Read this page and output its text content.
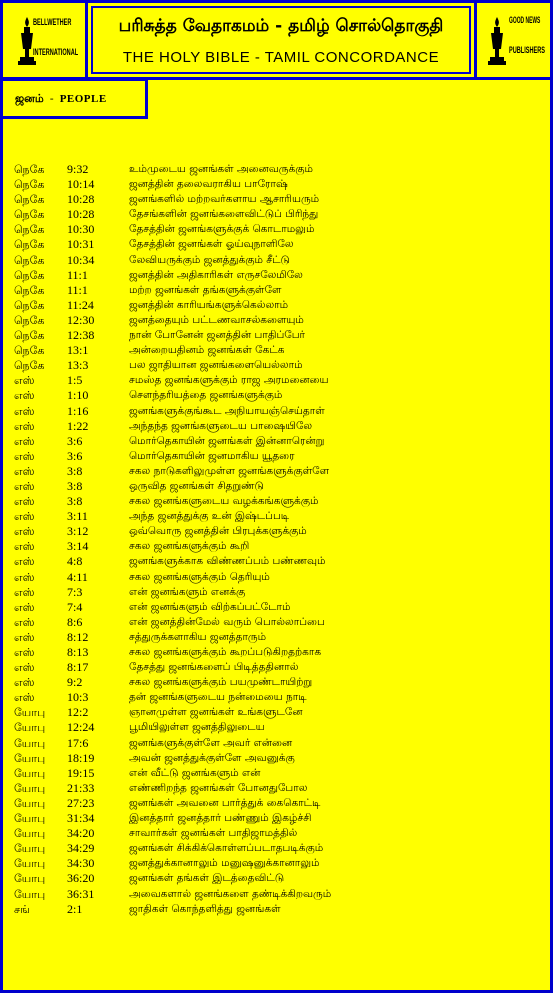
BELLWETHER
INTERNATIONAL
பரிசுத்த வேதாகமம் - தமிழ் சொல்தொகுதி
THE HOLY BIBLE - TAMIL CONCORDANCE
GOOD NEWS
PUBLISHERS
ஜனம் - PEOPLE
நெகே 9:32	உம்முடைய ஜனங்கள் அனைவருக்கும்
நெகே 10:14	ஜனத்தின் தலைவராகிய பாரோஷ்
நெகே 10:28	ஜனங்களில் மற்றவர்களாய ஆசாரியரும்
நெகே 10:28	தேசங்களின் ஜனங்களைவிட்டுப் பிரிந்து
நெகே 10:30	தேசத்தின் ஜனங்களுக்குக் கொடாமலும்
நெகே 10:31	தேசத்தின் ஜனங்கள் ஓய்வுநாளிலே
நெகே 10:34	லேவியருக்கும் ஜனத்துக்கும் சீட்டு
நெகே 11:1	ஜனத்தின் அதிகாரிகள் எருசலேமிலே
நெகே 11:1	மற்ற ஜனங்கள் தங்களுக்குள்ளே
நெகே 11:24	ஜனத்தின் காரியங்களுக்கெல்லாம்
நெகே 12:30	ஜனத்தையும் பட்டணவாசல்களையும்
நெகே 12:38	நான் போனேன் ஜனத்தின் பாதிப்பேர்
நெகே 13:1	அன்றையதினம் ஜனங்கள் கேட்க
நெகே 13:3	பல ஜாதியான ஜனங்களையெல்லாம்
எஸ்	1:5	சமஸ்த ஜனங்களுக்கும் ராஜ அரமனையை
எஸ்	1:10	சௌந்தரியத்தை ஜனங்களுக்கும்
எஸ்	1:16	ஜனங்களுக்குங்கூட அநியாயஞ்செய்தாள்
எஸ்	1:22	அந்தந்த ஜனங்களுடைய பாஷையிலே
எஸ்	3:6	மொர்தெகாயின் ஜனங்கள் இன்னாரென்று
எஸ்	3:6	மொர்தெகாயின் ஜனமாகிய யூதரை
எஸ்	3:8	சகல நாடுகளிலுமுள்ள ஜனங்களுக்குள்ளே
எஸ்	3:8	ஒருவித ஜனங்கள் சிதறுண்டு
எஸ்	3:8	சகல ஜனங்களுடைய வழக்கங்களுக்கும்
எஸ்	3:11	அந்த ஜனத்துக்கு உன் இஷ்டப்படி
எஸ்	3:12	ஒவ்வொரு ஜனத்தின் பிரபுக்களுக்கும்
எஸ்	3:14	சகல ஜனங்களுக்கும் கூறி
எஸ்	4:8	ஜனங்களுக்காக விண்ணப்பம் பண்ணவும்
எஸ்	4:11	சகல ஜனங்களுக்கும் தெரியும்
எஸ்	7:3	என் ஜனங்களும் எனக்கு
எஸ்	7:4	என் ஜனங்களும் விற்கப்பட்டோம்
எஸ்	8:6	என் ஜனத்தின்மேல் வரும் பொல்லாப்பை
எஸ்	8:12	சத்துருக்களாகிய ஜனத்தாரும்
எஸ்	8:13	சகல ஜனங்களுக்கும் கூறப்படுகிறதற்காக
எஸ்	8:17	தேசத்து ஜனங்களைப் பிடித்ததினால்
எஸ்	9:2	சகல ஜனங்களுக்கும் பயமுண்டாயிற்று
எஸ்	10:3	தன் ஜனங்களுடைய நன்மையை நாடி
யோபு 12:2	ஞானமுள்ள ஜனங்கள் உங்களுடனே
யோபு 12:24	பூமியிலுள்ள ஜனத்திலுடைய
யோபு 17:6	ஜனங்களுக்குள்ளே அவர் என்னை
யோபு 18:19	அவன் ஜனத்துக்குள்ளே அவனுக்கு
யோபு 19:15	என் வீட்டு ஜனங்களும் என்
யோபு 21:33	எண்ணிறந்த ஜனங்கள் போனதுபோல
யோபு 27:23	ஜனங்கள் அவனை பார்த்துக் கைகொட்டி
யோபு 31:34	இனத்தார் ஜனத்தார் பண்ணும் இகழ்ச்சி
யோபு 34:20	சாவார்கள் ஜனங்கள் பாதிஜாமத்தில்
யோபு 34:29	ஜனங்கள் சிக்கிக்கொள்ளப்படாதபடிக்கும்
யோபு 34:30	ஜனத்துக்கானாலும் மனுஷனுக்கானாலும்
யோபு 36:20	ஜனங்கள் தங்கள் இடத்தைவிட்டு
யோபு 36:31	அவைகளால் ஜனங்களை தண்டிக்கிறவரும்
சங்	2:1	ஜாதிகள் கொந்தளித்து ஜனங்கள்
